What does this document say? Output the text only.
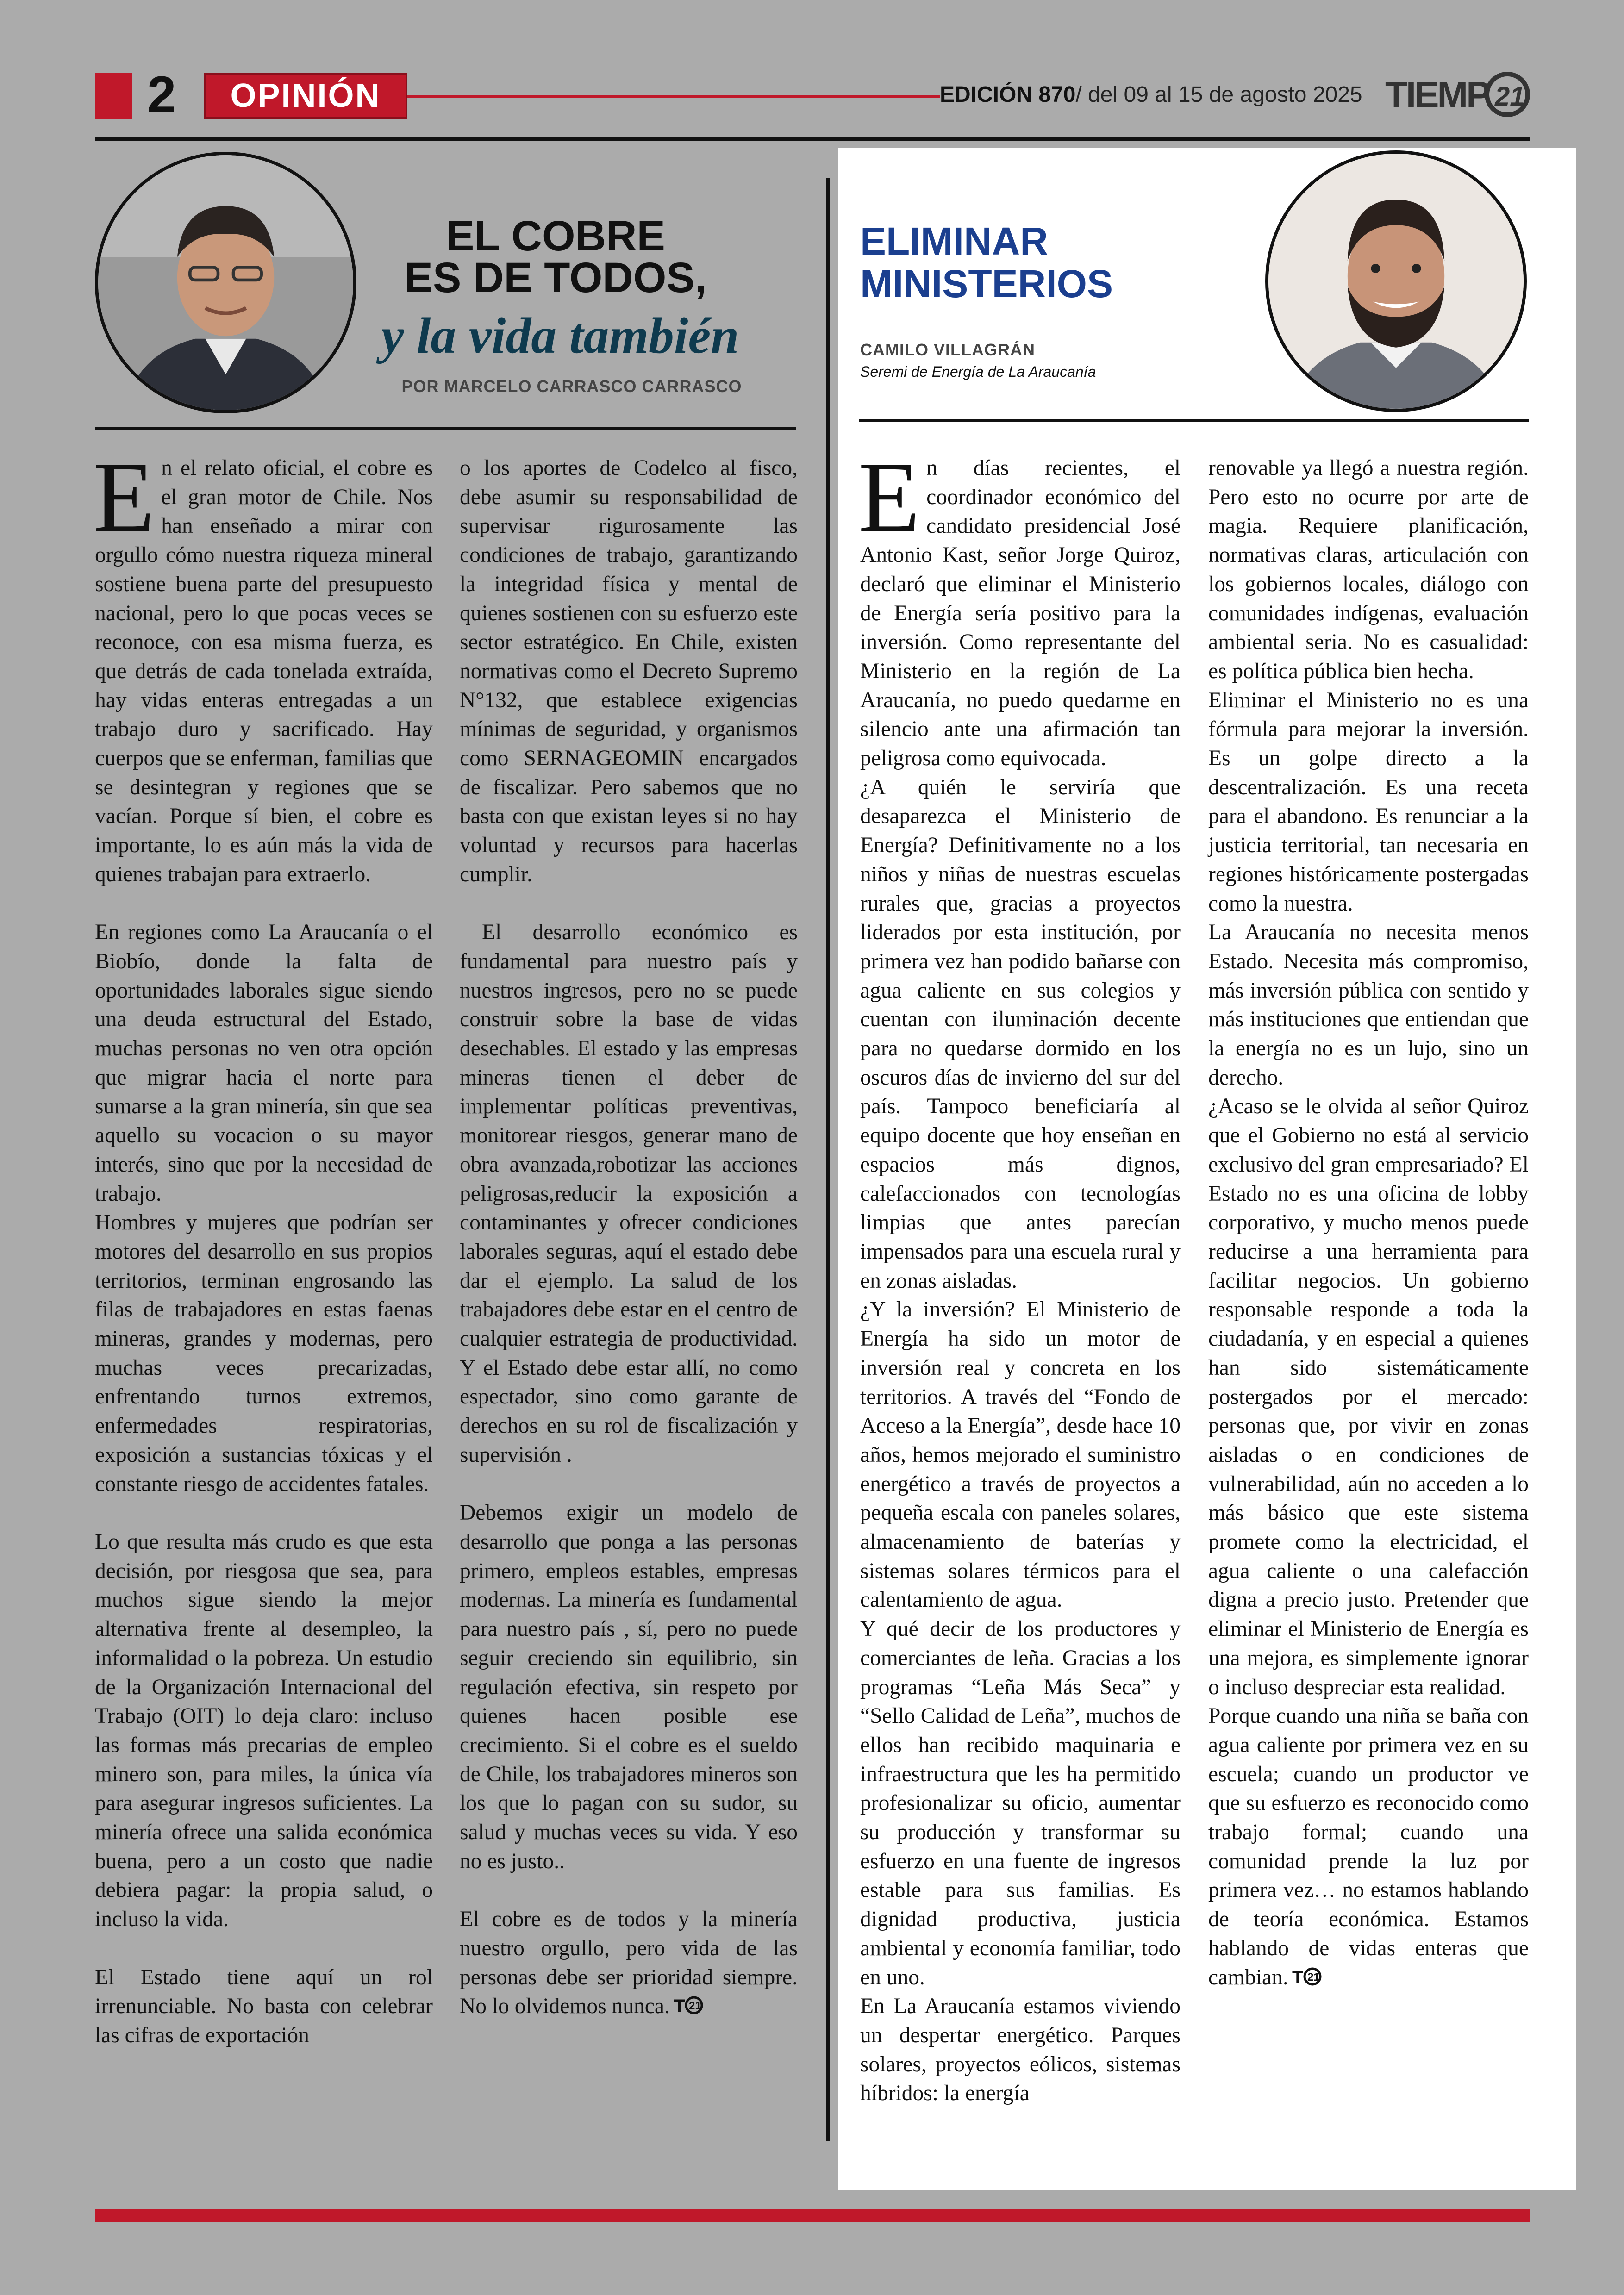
2	OPINIÓN	EDICIÓN 870/ del 09 al 15 de agosto 2025 TIEMP 21
EL COBRE
ES DE TODOS,
y la vida también
POR MARCELO CARRASCO CARRASCO

En el relato oficial, el cobre es el gran motor de Chile. Nos han enseñado a mirar con orgullo cómo nuestra riqueza mineral sostiene buena parte del presupuesto nacional, pero lo que pocas veces se reconoce, con esa misma fuerza, es que detrás de cada tonelada extraída, hay vidas enteras entregadas a un trabajo duro y sacrificado. Hay cuerpos que se enferman, familias que se desintegran y regiones que se vacían. Porque sí bien, el cobre es importante, lo es aún más la vida de quienes trabajan para extraerlo.

En regiones como La Araucanía o el Biobío, donde la falta de oportunidades laborales sigue siendo una deuda estructural del Estado, muchas personas no ven otra opción que migrar hacia el norte para sumarse a la gran minería, sin que sea aquello su vocacion o su mayor interés, sino que por la necesidad de trabajo.

Hombres y mujeres que podrían ser motores del desarrollo en sus propios territorios, terminan engrosando las filas de trabajadores en estas faenas mineras, grandes y modernas, pero muchas veces precarizadas, enfrentando turnos extremos, enfermedades respiratorias, exposición a sustancias tóxicas y el constante riesgo de accidentes fatales.

Lo que resulta más crudo es que esta decisión, por riesgosa que sea, para muchos sigue siendo la mejor alternativa frente al desempleo, la informalidad o la pobreza. Un estudio de la Organización Internacional del Trabajo (OIT) lo deja claro: incluso las formas más precarias de empleo minero son, para miles, la única vía para asegurar ingresos suficientes. La minería ofrece una salida económica buena, pero a un costo que nadie debiera pagar: la propia salud, o incluso la vida.

El Estado tiene aquí un rol irrenunciable. No basta con celebrar las cifras de exportación

o los aportes de Codelco al fisco, debe asumir su responsabilidad de supervisar rigurosamente las condiciones de trabajo, garantizando la integridad física y mental de quienes sostienen con su esfuerzo este sector estratégico. En Chile, existen normativas como el Decreto Supremo N°132, que establece exigencias mínimas de seguridad, y organismos como SERNAGEOMIN encargados de fiscalizar. Pero sabemos que no basta con que existan leyes si no hay voluntad y recursos para hacerlas cumplir.

El desarrollo económico es fundamental para nuestro país y nuestros ingresos, pero no se puede construir sobre la base de vidas desechables. El estado y las empresas mineras tienen el deber de implementar políticas preventivas, monitorear riesgos, generar mano de obra avanzada,robotizar las acciones peligrosas,reducir la exposición a contaminantes y ofrecer condiciones laborales seguras, aquí el estado debe dar el ejemplo. La salud de los trabajadores debe estar en el centro de cualquier estrategia de productividad. Y el Estado debe estar allí, no como espectador, sino como garante de derechos en su rol de fiscalización y supervisión .

Debemos exigir un modelo de desarrollo que ponga a las personas primero, empleos estables, empresas modernas. La minería es fundamental para nuestro país , sí, pero no puede seguir creciendo sin equilibrio, sin regulación efectiva, sin respeto por quienes hacen posible ese crecimiento. Si el cobre es el sueldo de Chile, los trabajadores mineros son los que lo pagan con su sudor, su salud y muchas veces su vida. Y eso no es justo..

El cobre es de todos y la minería nuestro orgullo, pero vida de las personas debe ser prioridad siempre. No lo olvidemos nunca. T 21

ELIMINAR
MINISTERIOS
CAMILO VILLAGRÁN
Seremi de Energía de La Araucanía

En días recientes, el coordinador económico del candidato presidencial José Antonio Kast, señor Jorge Quiroz, declaró que eliminar el Ministerio de Energía sería positivo para la inversión. Como representante del Ministerio en la región de La Araucanía, no puedo quedarme en silencio ante una afirmación tan peligrosa como equivocada.

¿A quién le serviría que desaparezca el Ministerio de Energía? Definitivamente no a los niños y niñas de nuestras escuelas rurales que, gracias a proyectos liderados por esta institución, por primera vez han podido bañarse con agua caliente en sus colegios y cuentan con iluminación decente para no quedarse dormido en los oscuros días de invierno del sur del país. Tampoco beneficiaría al equipo docente que hoy enseñan en espacios más dignos, calefaccionados con tecnologías limpias que antes parecían impensados para una escuela rural y en zonas aisladas.

¿Y la inversión? El Ministerio de Energía ha sido un motor de inversión real y concreta en los territorios. A través del “Fondo de Acceso a la Energía”, desde hace 10 años, hemos mejorado el suministro energético a través de proyectos a pequeña escala con paneles solares, almacenamiento de baterías y sistemas solares térmicos para el calentamiento de agua.

Y qué decir de los productores y comerciantes de leña. Gracias a los programas “Leña Más Seca” y “Sello Calidad de Leña”, muchos de ellos han recibido maquinaria e infraestructura que les ha permitido profesionalizar su oficio, aumentar su producción y transformar su esfuerzo en una fuente de ingresos estable para sus familias. Es dignidad productiva, justicia ambiental y economía familiar, todo en uno.

En La Araucanía estamos viviendo un despertar energético. Parques solares, proyectos eólicos, sistemas híbridos: la energía

renovable ya llegó a nuestra región. Pero esto no ocurre por arte de magia. Requiere planificación, normativas claras, articulación con los gobiernos locales, diálogo con comunidades indígenas, evaluación ambiental seria. No es casualidad: es política pública bien hecha.

Eliminar el Ministerio no es una fórmula para mejorar la inversión. Es un golpe directo a la descentralización. Es una receta para el abandono. Es renunciar a la justicia territorial, tan necesaria en regiones históricamente postergadas como la nuestra.

La Araucanía no necesita menos Estado. Necesita más compromiso, más inversión pública con sentido y más instituciones que entiendan que la energía no es un lujo, sino un derecho.

¿Acaso se le olvida al señor Quiroz que el Gobierno no está al servicio exclusivo del gran empresariado? El Estado no es una oficina de lobby corporativo, y mucho menos puede reducirse a una herramienta para facilitar negocios. Un gobierno responsable responde a toda la ciudadanía, y en especial a quienes han sido sistemáticamente postergados por el mercado: personas que, por vivir en zonas aisladas o en condiciones de vulnerabilidad, aún no acceden a lo más básico que este sistema promete como la electricidad, el agua caliente o una calefacción digna a precio justo. Pretender que eliminar el Ministerio de Energía es una mejora, es simplemente ignorar o incluso despreciar esta realidad.

Porque cuando una niña se baña con agua caliente por primera vez en su escuela; cuando un productor ve que su esfuerzo es reconocido como trabajo formal; cuando una comunidad prende la luz por primera vez… no estamos hablando de teoría económica. Estamos hablando de vidas enteras que cambian. T 21
